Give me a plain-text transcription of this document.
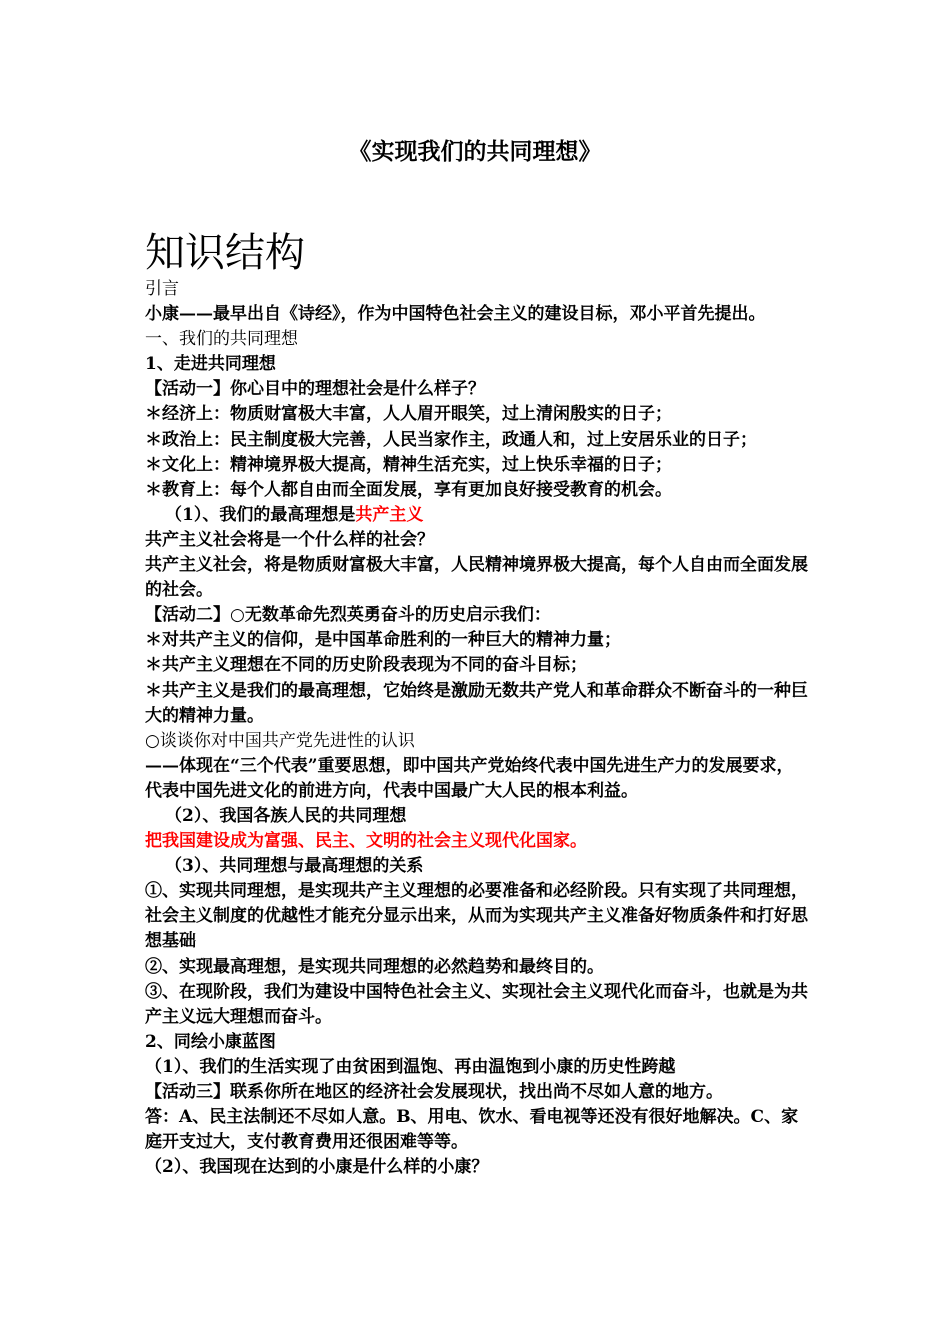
《实现我们的共同理想》
知识结构

引言

小康——最早出自《诗经》，作为中国特色社会主义的建设目标，邓小平首先提出。

一、我们的共同理想

1、走进共同理想

【活动一】你心目中的理想社会是什么样子？

＊经济上：物质财富极大丰富，人人眉开眼笑，过上清闲殷实的日子；

＊政治上：民主制度极大完善，人民当家作主，政通人和，过上安居乐业的日子；

＊文化上：精神境界极大提高，精神生活充实，过上快乐幸福的日子；

＊教育上：每个人都自由而全面发展，享有更加良好接受教育的机会。

（1）、我们的最高理想是共产主义

共产主义社会将是一个什么样的社会？

共产主义社会，将是物质财富极大丰富，人民精神境界极大提高，每个人自由而全面发展的社会。

【活动二】○无数革命先烈英勇奋斗的历史启示我们：

＊对共产主义的信仰，是中国革命胜利的一种巨大的精神力量；

＊共产主义理想在不同的历史阶段表现为不同的奋斗目标；

＊共产主义是我们的最高理想，它始终是激励无数共产党人和革命群众不断奋斗的一种巨大的精神力量。

○谈谈你对中国共产党先进性的认识

——体现在“三个代表”重要思想，即中国共产党始终代表中国先进生产力的发展要求，代表中国先进文化的前进方向，代表中国最广大人民的根本利益。

（2）、我国各族人民的共同理想

把我国建设成为富强、民主、文明的社会主义现代化国家。

（3）、共同理想与最高理想的关系

①、实现共同理想，是实现共产主义理想的必要准备和必经阶段。只有实现了共同理想，社会主义制度的优越性才能充分显示出来，从而为实现共产主义准备好物质条件和打好思想基础

②、实现最高理想，是实现共同理想的必然趋势和最终目的。

③、在现阶段，我们为建设中国特色社会主义、实现社会主义现代化而奋斗，也就是为共产主义远大理想而奋斗。

2、同绘小康蓝图

（1）、我们的生活实现了由贫困到温饱、再由温饱到小康的历史性跨越

【活动三】联系你所在地区的经济社会发展现状，找出尚不尽如人意的地方。

答：A、民主法制还不尽如人意。B、用电、饮水、看电视等还没有很好地解决。C、家庭开支过大，支付教育费用还很困难等等。

（2）、我国现在达到的小康是什么样的小康？
